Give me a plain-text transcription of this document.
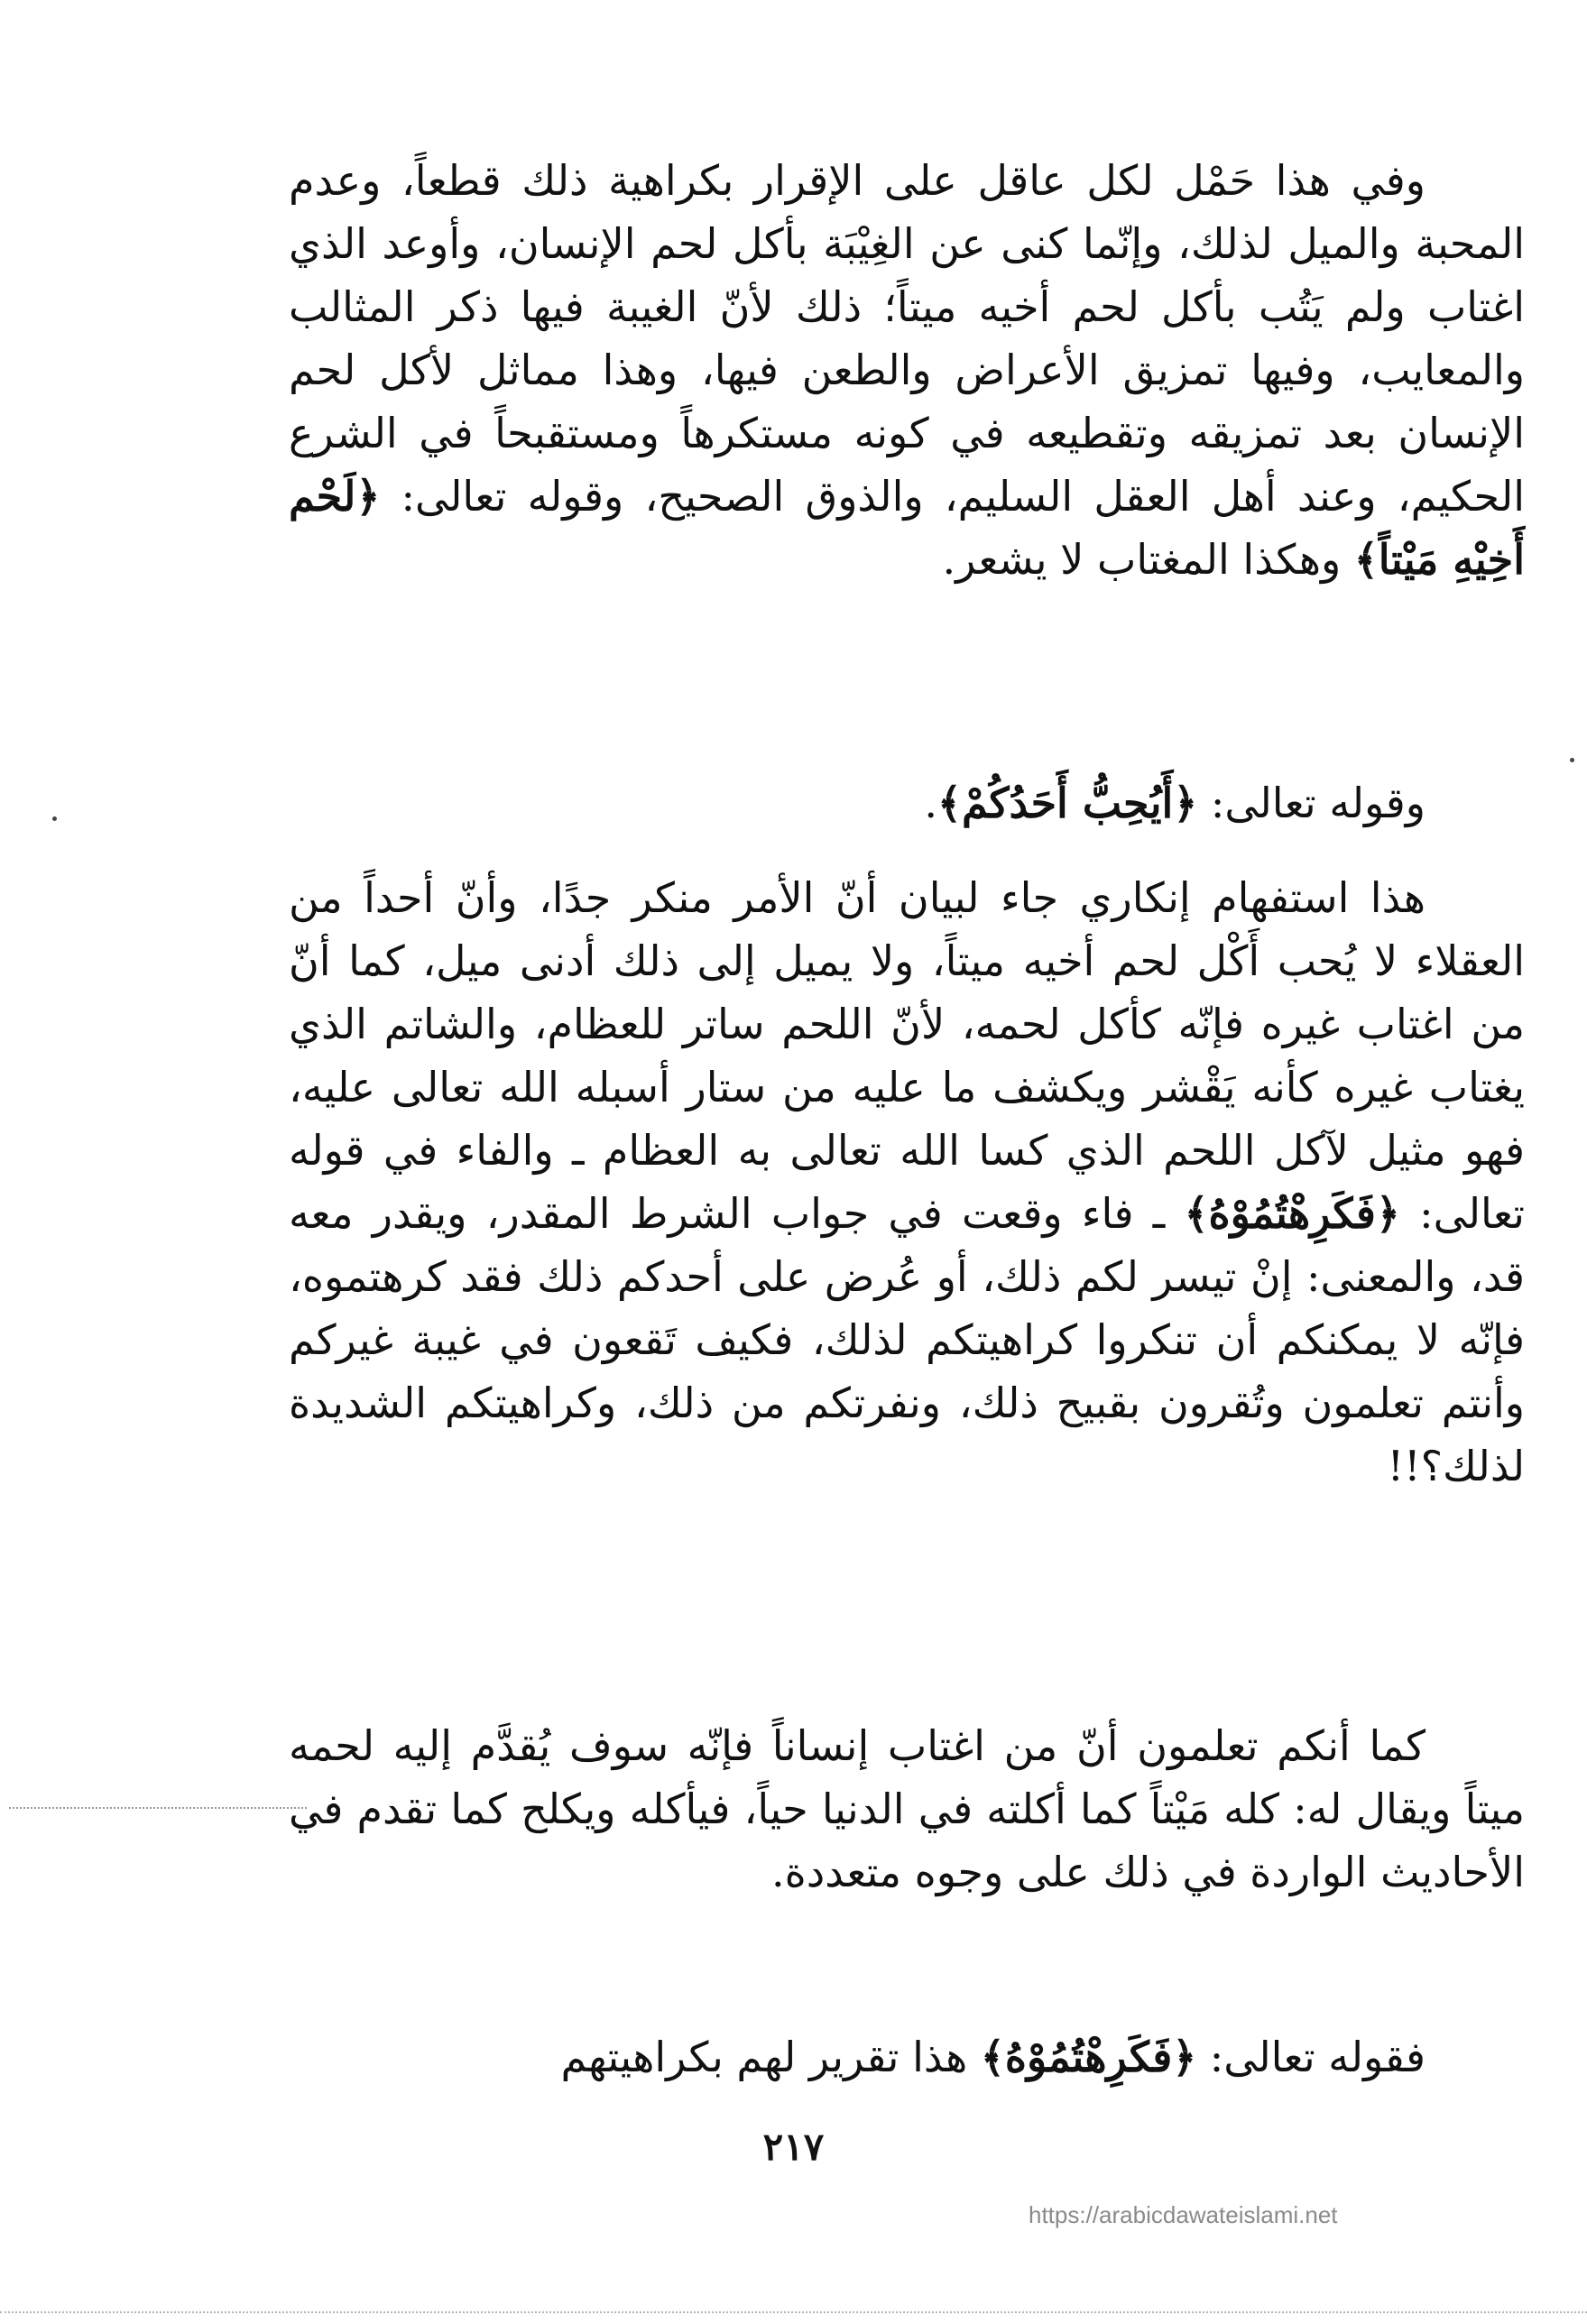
وفي هذا حَمْل لكل عاقل على الإقرار بكراهية ذلك قطعاً، وعدم المحبة والميل لذلك، وإنّما كنى عن الغِيْبَة بأكل لحم الإنسان، وأوعد الذي اغتاب ولم يَتُب بأكل لحم أخيه ميتاً؛ ذلك لأنّ الغيبة فيها ذكر المثالب والمعايب، وفيها تمزيق الأعراض والطعن فيها، وهذا مماثل لأكل لحم الإنسان بعد تمزيقه وتقطيعه في كونه مستكرهاً ومستقبحاً في الشرع الحكيم، وعند أهل العقل السليم، والذوق الصحيح، وقوله تعالى: ﴿لَحْم أَخِيْهِ مَيْتاً﴾ وهكذا المغتاب لا يشعر.

وقوله تعالى: ﴿أَيُحِبُّ أَحَدُكُمْ﴾.

هذا استفهام إنكاري جاء لبيان أنّ الأمر منكر جدًا، وأنّ أحداً من العقلاء لا يُحب أَكْل لحم أخيه ميتاً، ولا يميل إلى ذلك أدنى ميل، كما أنّ من اغتاب غيره فإنّه كأكل لحمه، لأنّ اللحم ساتر للعظام، والشاتم الذي يغتاب غيره كأنه يَقْشر ويكشف ما عليه من ستار أسبله الله تعالى عليه، فهو مثيل لآكل اللحم الذي كسا الله تعالى به العظام ـ والفاء في قوله تعالى: ﴿فَكَرِهْتُمُوْهُ﴾ ـ فاء وقعت في جواب الشرط المقدر، ويقدر معه قد، والمعنى: إنْ تيسر لكم ذلك، أو عُرض على أحدكم ذلك فقد كرهتموه، فإنّه لا يمكنكم أن تنكروا كراهيتكم لذلك، فكيف تَقعون في غيبة غيركم وأنتم تعلمون وتُقرون بقبيح ذلك، ونفرتكم من ذلك، وكراهيتكم الشديدة لذلك؟!!

كما أنكم تعلمون أنّ من اغتاب إنساناً فإنّه سوف يُقدَّم إليه لحمه ميتاً ويقال له: كله مَيْتاً كما أكلته في الدنيا حياً، فيأكله ويكلح كما تقدم في الأحاديث الواردة في ذلك على وجوه متعددة.

فقوله تعالى: ﴿فَكَرِهْتُمُوْهُ﴾ هذا تقرير لهم بكراهيتهم

٢١٧
https://arabicdawateislami.net
